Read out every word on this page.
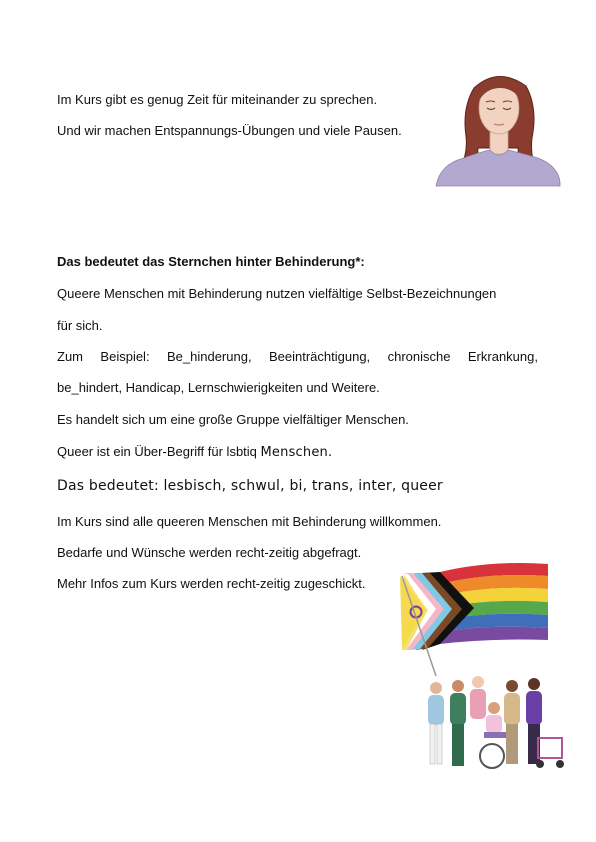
Im Kurs gibt es genug Zeit für miteinander zu sprechen.
Und wir machen Entspannungs-Übungen und viele Pausen.
Das bedeutet das Sternchen hinter Behinderung*:
Queere Menschen mit Behinderung nutzen vielfältige Selbst-Bezeichnungen
für sich.
Zum Beispiel: Be_hinderung, Beeinträchtigung, chronische Erkrankung,
be_hindert, Handicap, Lernschwierigkeiten und Weitere.
Es handelt sich um eine große Gruppe vielfältiger Menschen.
Queer ist ein Über-Begriff für lsbtiq Menschen.
Das bedeutet: lesbisch, schwul, bi, trans, inter, queer
Im Kurs sind alle queeren Menschen mit Behinderung willkommen.
Bedarfe und Wünsche werden recht-zeitig abgefragt.
Mehr Infos zum Kurs werden recht-zeitig zugeschickt.
